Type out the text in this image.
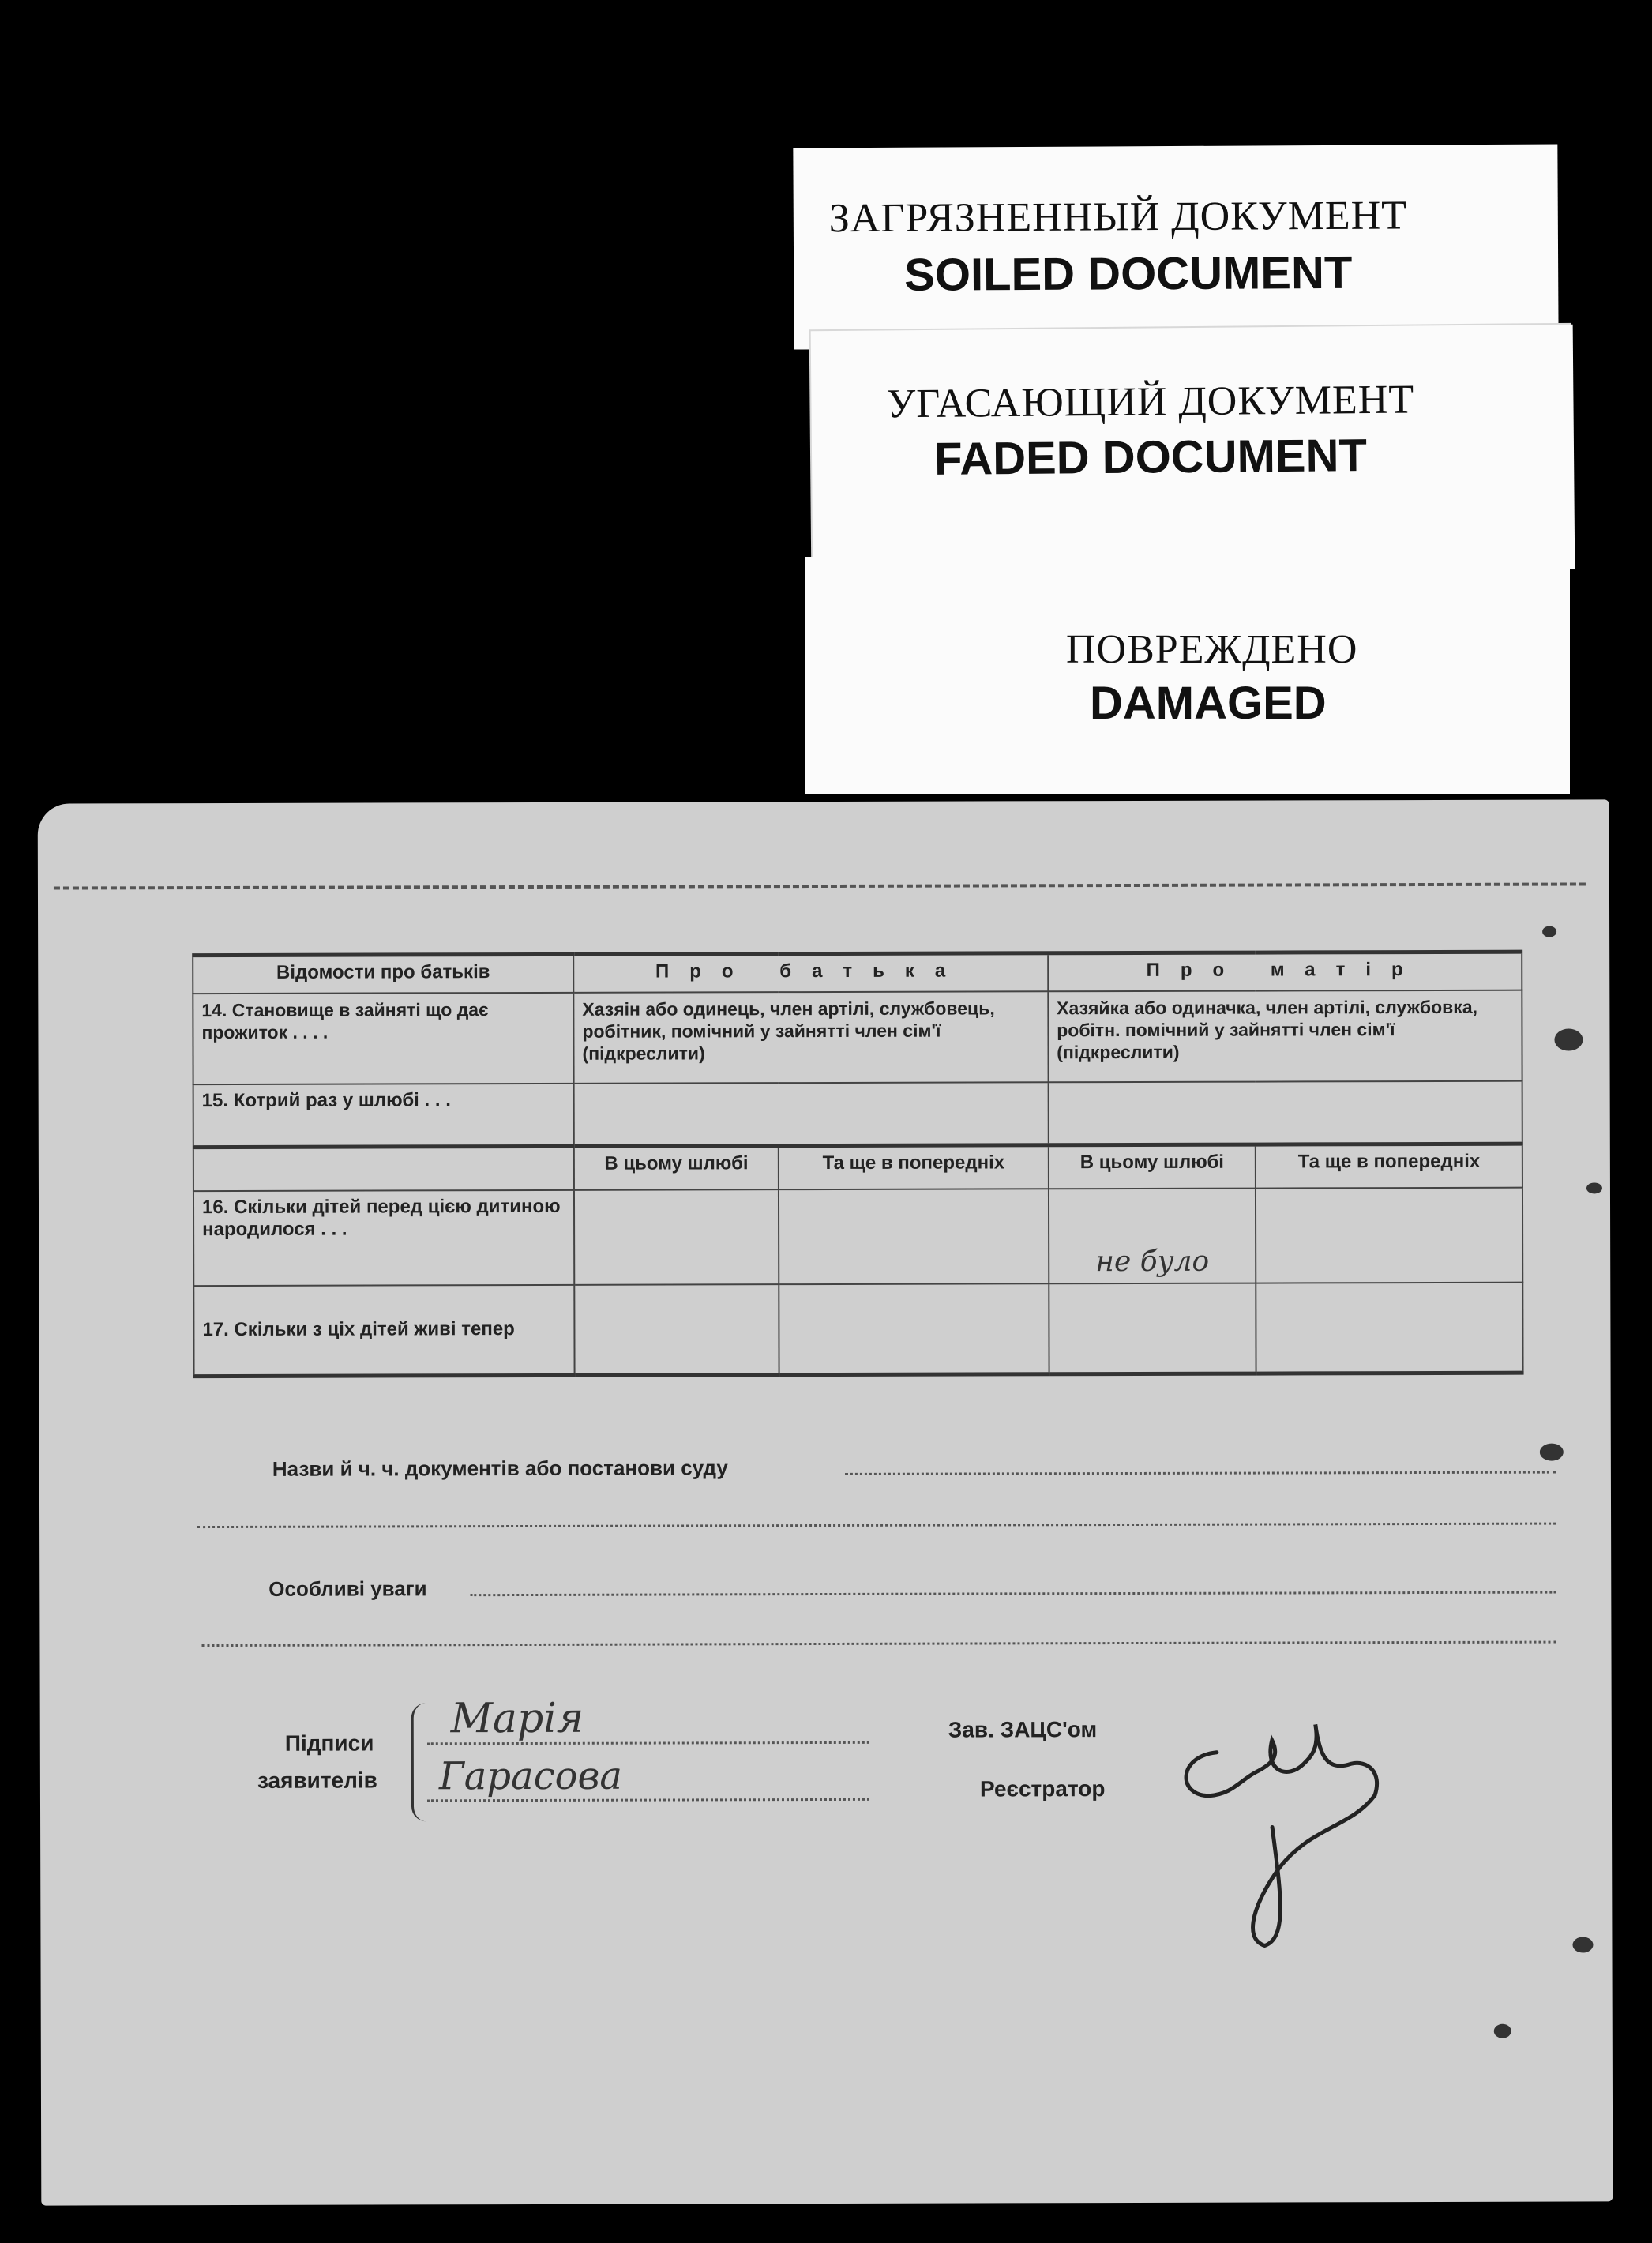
ЗАГРЯЗНЕННЫЙ ДОКУМЕНТ
SOILED DOCUMENT
УГАСАЮЩИЙ ДОКУМЕНТ
FADED DOCUMENT
ПОВРЕЖДЕНО
DAMAGED
Відомости про батьків	Про батька		Про матір	
14. Становище в зайняті що дає прожиток . . . .	Хазяін або одинець, член артілі, службовець, робітник, помічний у зайнятті член сім'ї (підкреслити)		Хазяйка або одиначка, член артілі, службовка, робітн. помічний у зайнятті член сім'ї (підкреслити)	
15. Котрий раз у шлюбі . . .				
	В цьому шлюбі	Та ще в попередніх	В цьому шлюбі	Та ще в попередніх
16. Скільки дітей перед цією дитиною народилося . . .			не було	
17. Скільки з ціх дітей живі тепер				
Назви й ч. ч. документів або постанови суду
Особливі уваги
Підписи
заявителів
Марія
Гарасова
Зав. ЗАЦС'ом
Реєстратор
